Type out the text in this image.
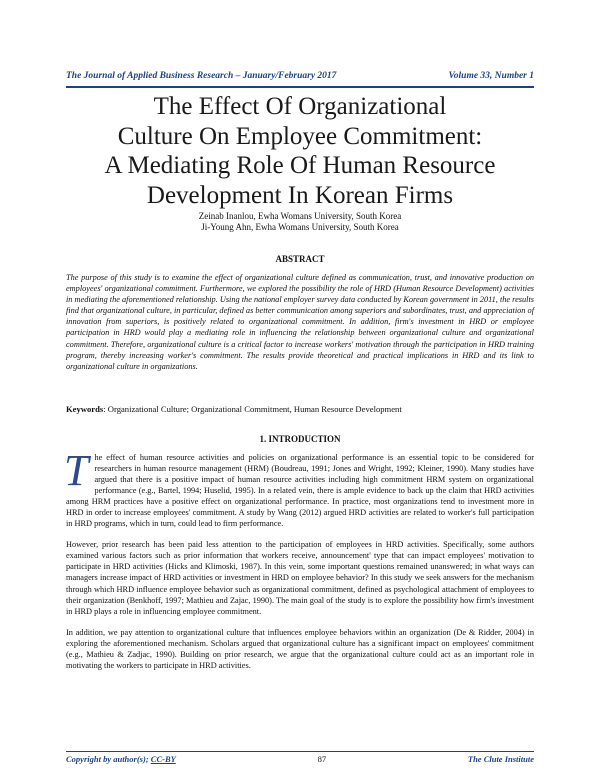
The Journal of Applied Business Research – January/February 2017	Volume 33, Number 1
The Effect Of Organizational
Culture On Employee Commitment:
A Mediating Role Of Human Resource
Development In Korean Firms
Zeinab Inanlou, Ewha Womans University, South Korea
Ji-Young Ahn, Ewha Womans University, South Korea
ABSTRACT
The purpose of this study is to examine the effect of organizational culture defined as communication, trust, and innovative production on employees' organizational commitment. Furthermore, we explored the possibility the role of HRD (Human Resource Development) activities in mediating the aforementioned relationship. Using the national employer survey data conducted by Korean government in 2011, the results find that organizational culture, in particular, defined as better communication among superiors and subordinates, trust, and appreciation of innovation from superiors, is positively related to organizational commitment. In addition, firm's investment in HRD or employee participation in HRD would play a mediating role in influencing the relationship between organizational culture and organizational commitment. Therefore, organizational culture is a critical factor to increase workers' motivation through the participation in HRD training program, thereby increasing worker's commitment. The results provide theoretical and practical implications in HRD and its link to organizational culture in organizations.
Keywords: Organizational Culture; Organizational Commitment, Human Resource Development
1. INTRODUCTION

The effect of human resource activities and policies on organizational performance is an essential topic to be considered for researchers in human resource management (HRM) (Boudreau, 1991; Jones and Wright, 1992; Kleiner, 1990). Many studies have argued that there is a positive impact of human resource activities including high commitment HRM system on organizational performance (e.g., Bartel, 1994; Huselid, 1995). In a related vein, there is ample evidence to back up the claim that HRD activities among HRM practices have a positive effect on organizational performance. In practice, most organizations tend to investment more in HRD in order to increase employees' commitment. A study by Wang (2012) argued HRD activities are related to worker's full participation in HRD programs, which in turn, could lead to firm performance.

However, prior research has been paid less attention to the participation of employees in HRD activities. Specifically, some authors examined various factors such as prior information that workers receive, announcement' type that can impact employees' motivation to participate in HRD activities (Hicks and Klimoski, 1987). In this vein, some important questions remained unanswered; in what ways can managers increase impact of HRD activities or investment in HRD on employee behavior? In this study we seek answers for the mechanism through which HRD influence employee behavior such as organizational commitment, defined as psychological attachment of employees to their organization (Benkhoff, 1997; Mathieu and Zajac, 1990). The main goal of the study is to explore the possibility how firm's investment in HRD plays a role in influencing employee commitment.

In addition, we pay attention to organizational culture that influences employee behaviors within an organization (De & Ridder, 2004) in exploring the aforementioned mechanism. Scholars argued that organizational culture has a significant impact on employees' commitment (e.g., Mathieu & Zadjac, 1990). Building on prior research, we argue that the organizational culture could act as an important role in motivating the workers to participate in HRD activities.

Copyright by author(s); CC-BY	87	The Clute Institute
